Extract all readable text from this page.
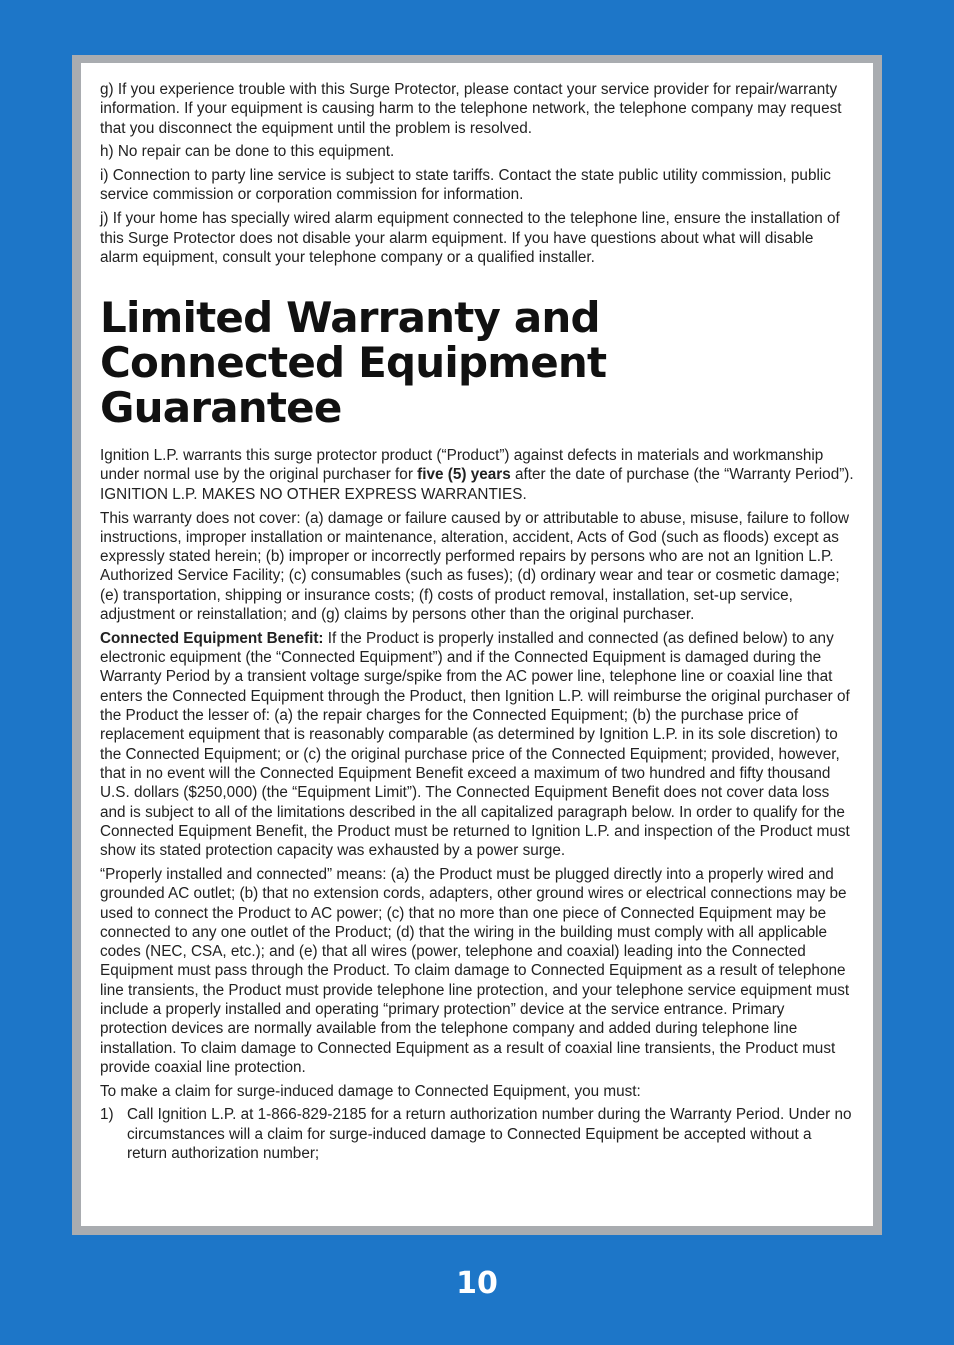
g) If you experience trouble with this Surge Protector, please contact your service provider for repair/warranty information. If your equipment is causing harm to the telephone network, the telephone company may request that you disconnect the equipment until the problem is resolved.

h) No repair can be done to this equipment.

i) Connection to party line service is subject to state tariffs. Contact the state public utility commission, public service commission or corporation commission for information.

j) If your home has specially wired alarm equipment connected to the telephone line, ensure the installation of this Surge Protector does not disable your alarm equipment. If you have questions about what will disable alarm equipment, consult your telephone company or a qualified installer.

Limited Warranty and
Connected Equipment Guarantee

Ignition L.P. warrants this surge protector product (“Product”) against defects in materials and workmanship under normal use by the original purchaser for five (5) years after the date of purchase (the “Warranty Period”). IGNITION L.P. MAKES NO OTHER EXPRESS WARRANTIES.

This warranty does not cover: (a) damage or failure caused by or attributable to abuse, misuse, failure to follow instructions, improper installation or maintenance, alteration, accident, Acts of God (such as floods) except as expressly stated herein; (b) improper or incorrectly performed repairs by persons who are not an Ignition L.P. Authorized Service Facility; (c) consumables (such as fuses); (d) ordinary wear and tear or cosmetic damage; (e) transportation, shipping or insurance costs; (f) costs of product removal, installation, set-up service, adjustment or reinstallation; and (g) claims by persons other than the original purchaser.

Connected Equipment Benefit: If the Product is properly installed and connected (as defined below) to any electronic equipment (the “Connected Equipment”) and if the Connected Equipment is damaged during the Warranty Period by a transient voltage surge/spike from the AC power line, telephone line or coaxial line that enters the Connected Equipment through the Product, then Ignition L.P. will reimburse the original purchaser of the Product the lesser of: (a) the repair charges for the Connected Equipment; (b) the purchase price of replacement equipment that is reasonably comparable (as determined by Ignition L.P. in its sole discretion) to the Connected Equipment; or (c) the original purchase price of the Connected Equipment; provided, however, that in no event will the Connected Equipment Benefit exceed a maximum of two hundred and fifty thousand U.S. dollars ($250,000) (the “Equipment Limit”). The Connected Equipment Benefit does not cover data loss and is subject to all of the limitations described in the all capitalized paragraph below. In order to qualify for the Connected Equipment Benefit, the Product must be returned to Ignition L.P. and inspection of the Product must show its stated protection capacity was exhausted by a power surge.

“Properly installed and connected” means: (a) the Product must be plugged directly into a properly wired and grounded AC outlet; (b) that no extension cords, adapters, other ground wires or electrical connections may be used to connect the Product to AC power; (c) that no more than one piece of Connected Equipment may be connected to any one outlet of the Product; (d) that the wiring in the building must comply with all applicable codes (NEC, CSA, etc.); and (e) that all wires (power, telephone and coaxial) leading into the Connected Equipment must pass through the Product. To claim damage to Connected Equipment as a result of telephone line transients, the Product must provide telephone line protection, and your telephone service equipment must include a properly installed and operating “primary protection” device at the service entrance. Primary protection devices are normally available from the telephone company and added during telephone line installation. To claim damage to Connected Equipment as a result of coaxial line transients, the Product must provide coaxial line protection.

To make a claim for surge-induced damage to Connected Equipment, you must:

1) Call Ignition L.P. at 1-866-829-2185 for a return authorization number during the Warranty Period. Under no circumstances will a claim for surge-induced damage to Connected Equipment be accepted without a return authorization number;
10
